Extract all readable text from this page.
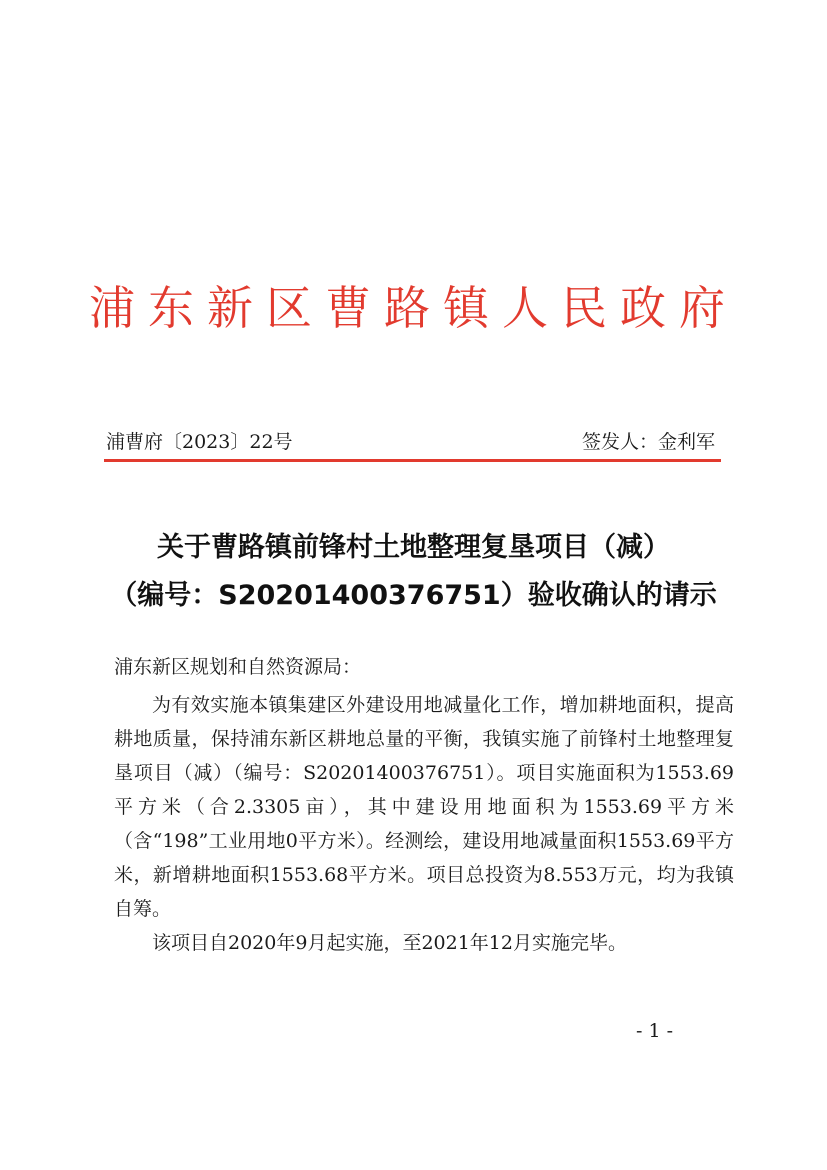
浦东新区曹路镇人民政府
浦曹府〔2023〕22号	签发人：金利军
关于曹路镇前锋村土地整理复垦项目（减）
（编号：S20201400376751）验收确认的请示
浦东新区规划和自然资源局：

为有效实施本镇集建区外建设用地减量化工作，增加耕地面积，提高耕地质量，保持浦东新区耕地总量的平衡，我镇实施了前锋村土地整理复垦项目（减）（编号：S20201400376751）。项目实施面积为1553.69平方米（合2.3305亩），其中建设用地面积为1553.69平方米（含“198”工业用地0平方米）。经测绘，建设用地减量面积1553.69平方米，新增耕地面积1553.68平方米。项目总投资为8.553万元，均为我镇自筹。

该项目自2020年9月起实施，至2021年12月实施完毕。

- 1 -
